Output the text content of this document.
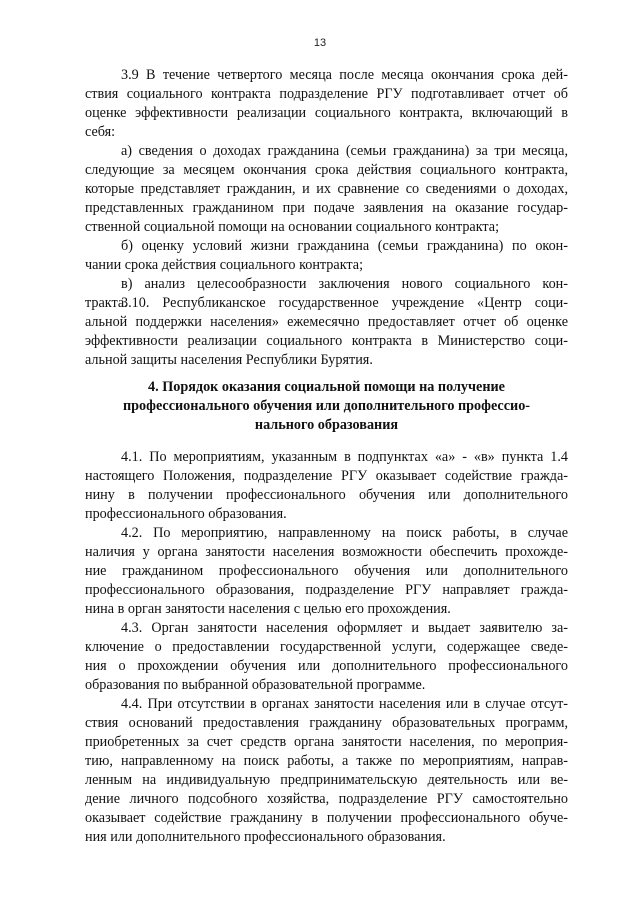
13
3.9 В течение четвертого месяца после месяца окончания срока дей-
ствия социального контракта подразделение РГУ подготавливает отчет об
оценке эффективности реализации социального контракта, включающий в
себя:
а) сведения о доходах гражданина (семьи гражданина) за три месяца,
следующие за месяцем окончания срока действия социального контракта,
которые представляет гражданин, и их сравнение со сведениями о доходах,
представленных гражданином при подаче заявления на оказание государ-
ственной социальной помощи на основании социального контракта;
б) оценку условий жизни гражданина (семьи гражданина) по окон-
чании срока действия социального контракта;
в) анализ целесообразности заключения нового социального кон-
тракта.
3.10. Республиканское государственное учреждение «Центр соци-
альной поддержки населения» ежемесячно предоставляет отчет об оценке
эффективности реализации социального контракта в Министерство соци-
альной защиты населения Республики Бурятия.
4. Порядок оказания социальной помощи на получение
профессионального обучения или дополнительного профессио-
нального образования
4.1. По мероприятиям, указанным в подпунктах «а» - «в» пункта 1.4
настоящего Положения, подразделение РГУ оказывает содействие гражда-
нину в получении профессионального обучения или дополнительного
профессионального образования.
4.2. По мероприятию, направленному на поиск работы, в случае
наличия у органа занятости населения возможности обеспечить прохожде-
ние гражданином профессионального обучения или дополнительного
профессионального образования, подразделение РГУ направляет гражда-
нина в орган занятости населения с целью его прохождения.
4.3. Орган занятости населения оформляет и выдает заявителю за-
ключение о предоставлении государственной услуги, содержащее сведе-
ния о прохождении обучения или дополнительного профессионального
образования по выбранной образовательной программе.
4.4. При отсутствии в органах занятости населения или в случае отсут-
ствия оснований предоставления гражданину образовательных программ,
приобретенных за счет средств органа занятости населения, по мероприя-
тию, направленному на поиск работы, а также по мероприятиям, направ-
ленным на индивидуальную предпринимательскую деятельность или ве-
дение личного подсобного хозяйства, подразделение РГУ самостоятельно
оказывает содействие гражданину в получении профессионального обуче-
ния или дополнительного профессионального образования.
